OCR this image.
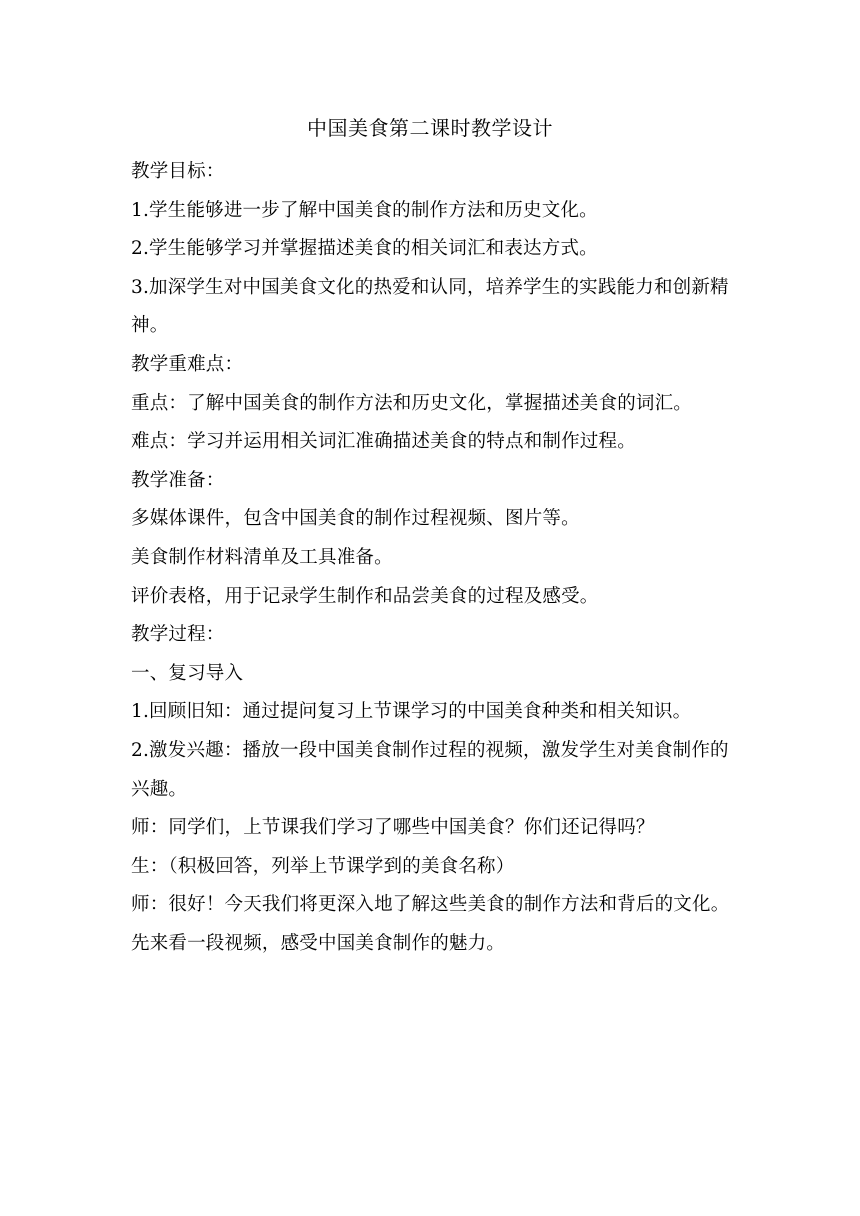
中国美食第二课时教学设计

教学目标：

1.学生能够进一步了解中国美食的制作方法和历史文化。

2.学生能够学习并掌握描述美食的相关词汇和表达方式。

3.加深学生对中国美食文化的热爱和认同，培养学生的实践能力和创新精神。

教学重难点：

重点：了解中国美食的制作方法和历史文化，掌握描述美食的词汇。

难点：学习并运用相关词汇准确描述美食的特点和制作过程。

教学准备：

多媒体课件，包含中国美食的制作过程视频、图片等。

美食制作材料清单及工具准备。

评价表格，用于记录学生制作和品尝美食的过程及感受。

教学过程：

一、复习导入

1.回顾旧知：通过提问复习上节课学习的中国美食种类和相关知识。

2.激发兴趣：播放一段中国美食制作过程的视频，激发学生对美食制作的兴趣。

师：同学们，上节课我们学习了哪些中国美食？你们还记得吗？

生：（积极回答，列举上节课学到的美食名称）

师：很好！今天我们将更深入地了解这些美食的制作方法和背后的文化。先来看一段视频，感受中国美食制作的魅力。
